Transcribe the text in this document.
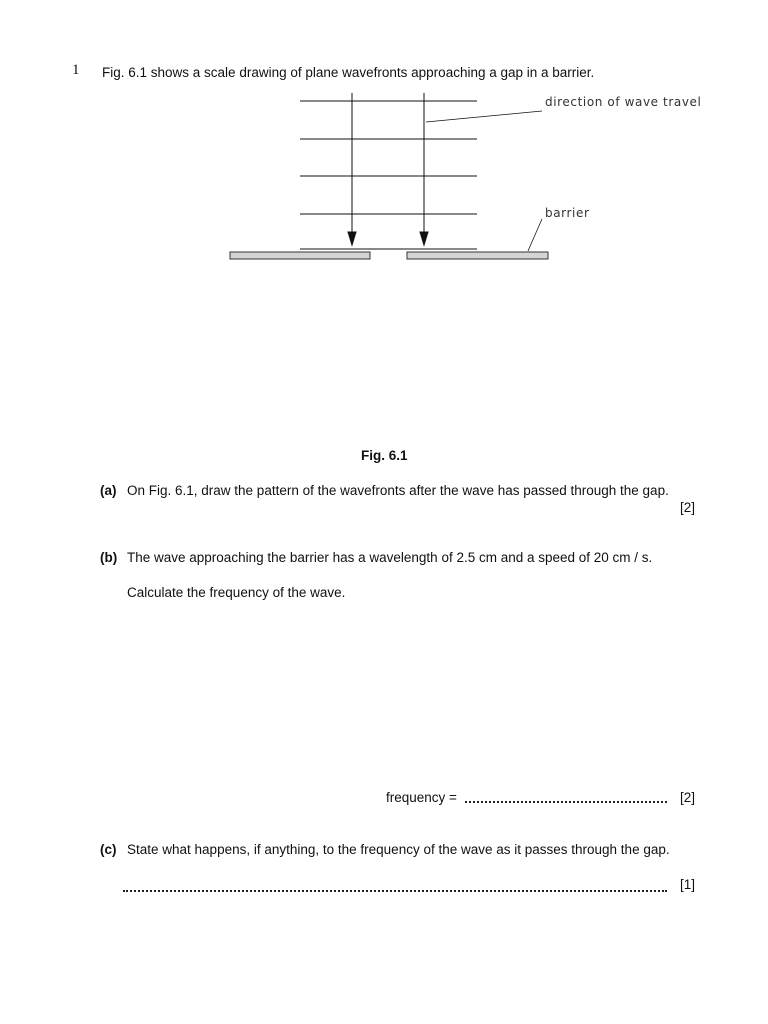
1 Fig. 6.1 shows a scale drawing of plane wavefronts approaching a gap in a barrier.
direction of wave travel
barrier
Fig. 6.1
(a) On Fig. 6.1, draw the pattern of the wavefronts after the wave has passed through the gap.
[2]
(b) The wave approaching the barrier has a wavelength of 2.5 cm and a speed of 20 cm / s.
Calculate the frequency of the wave.
frequency =	[2]
(c) State what happens, if anything, to the frequency of the wave as it passes through the gap.
[1]
